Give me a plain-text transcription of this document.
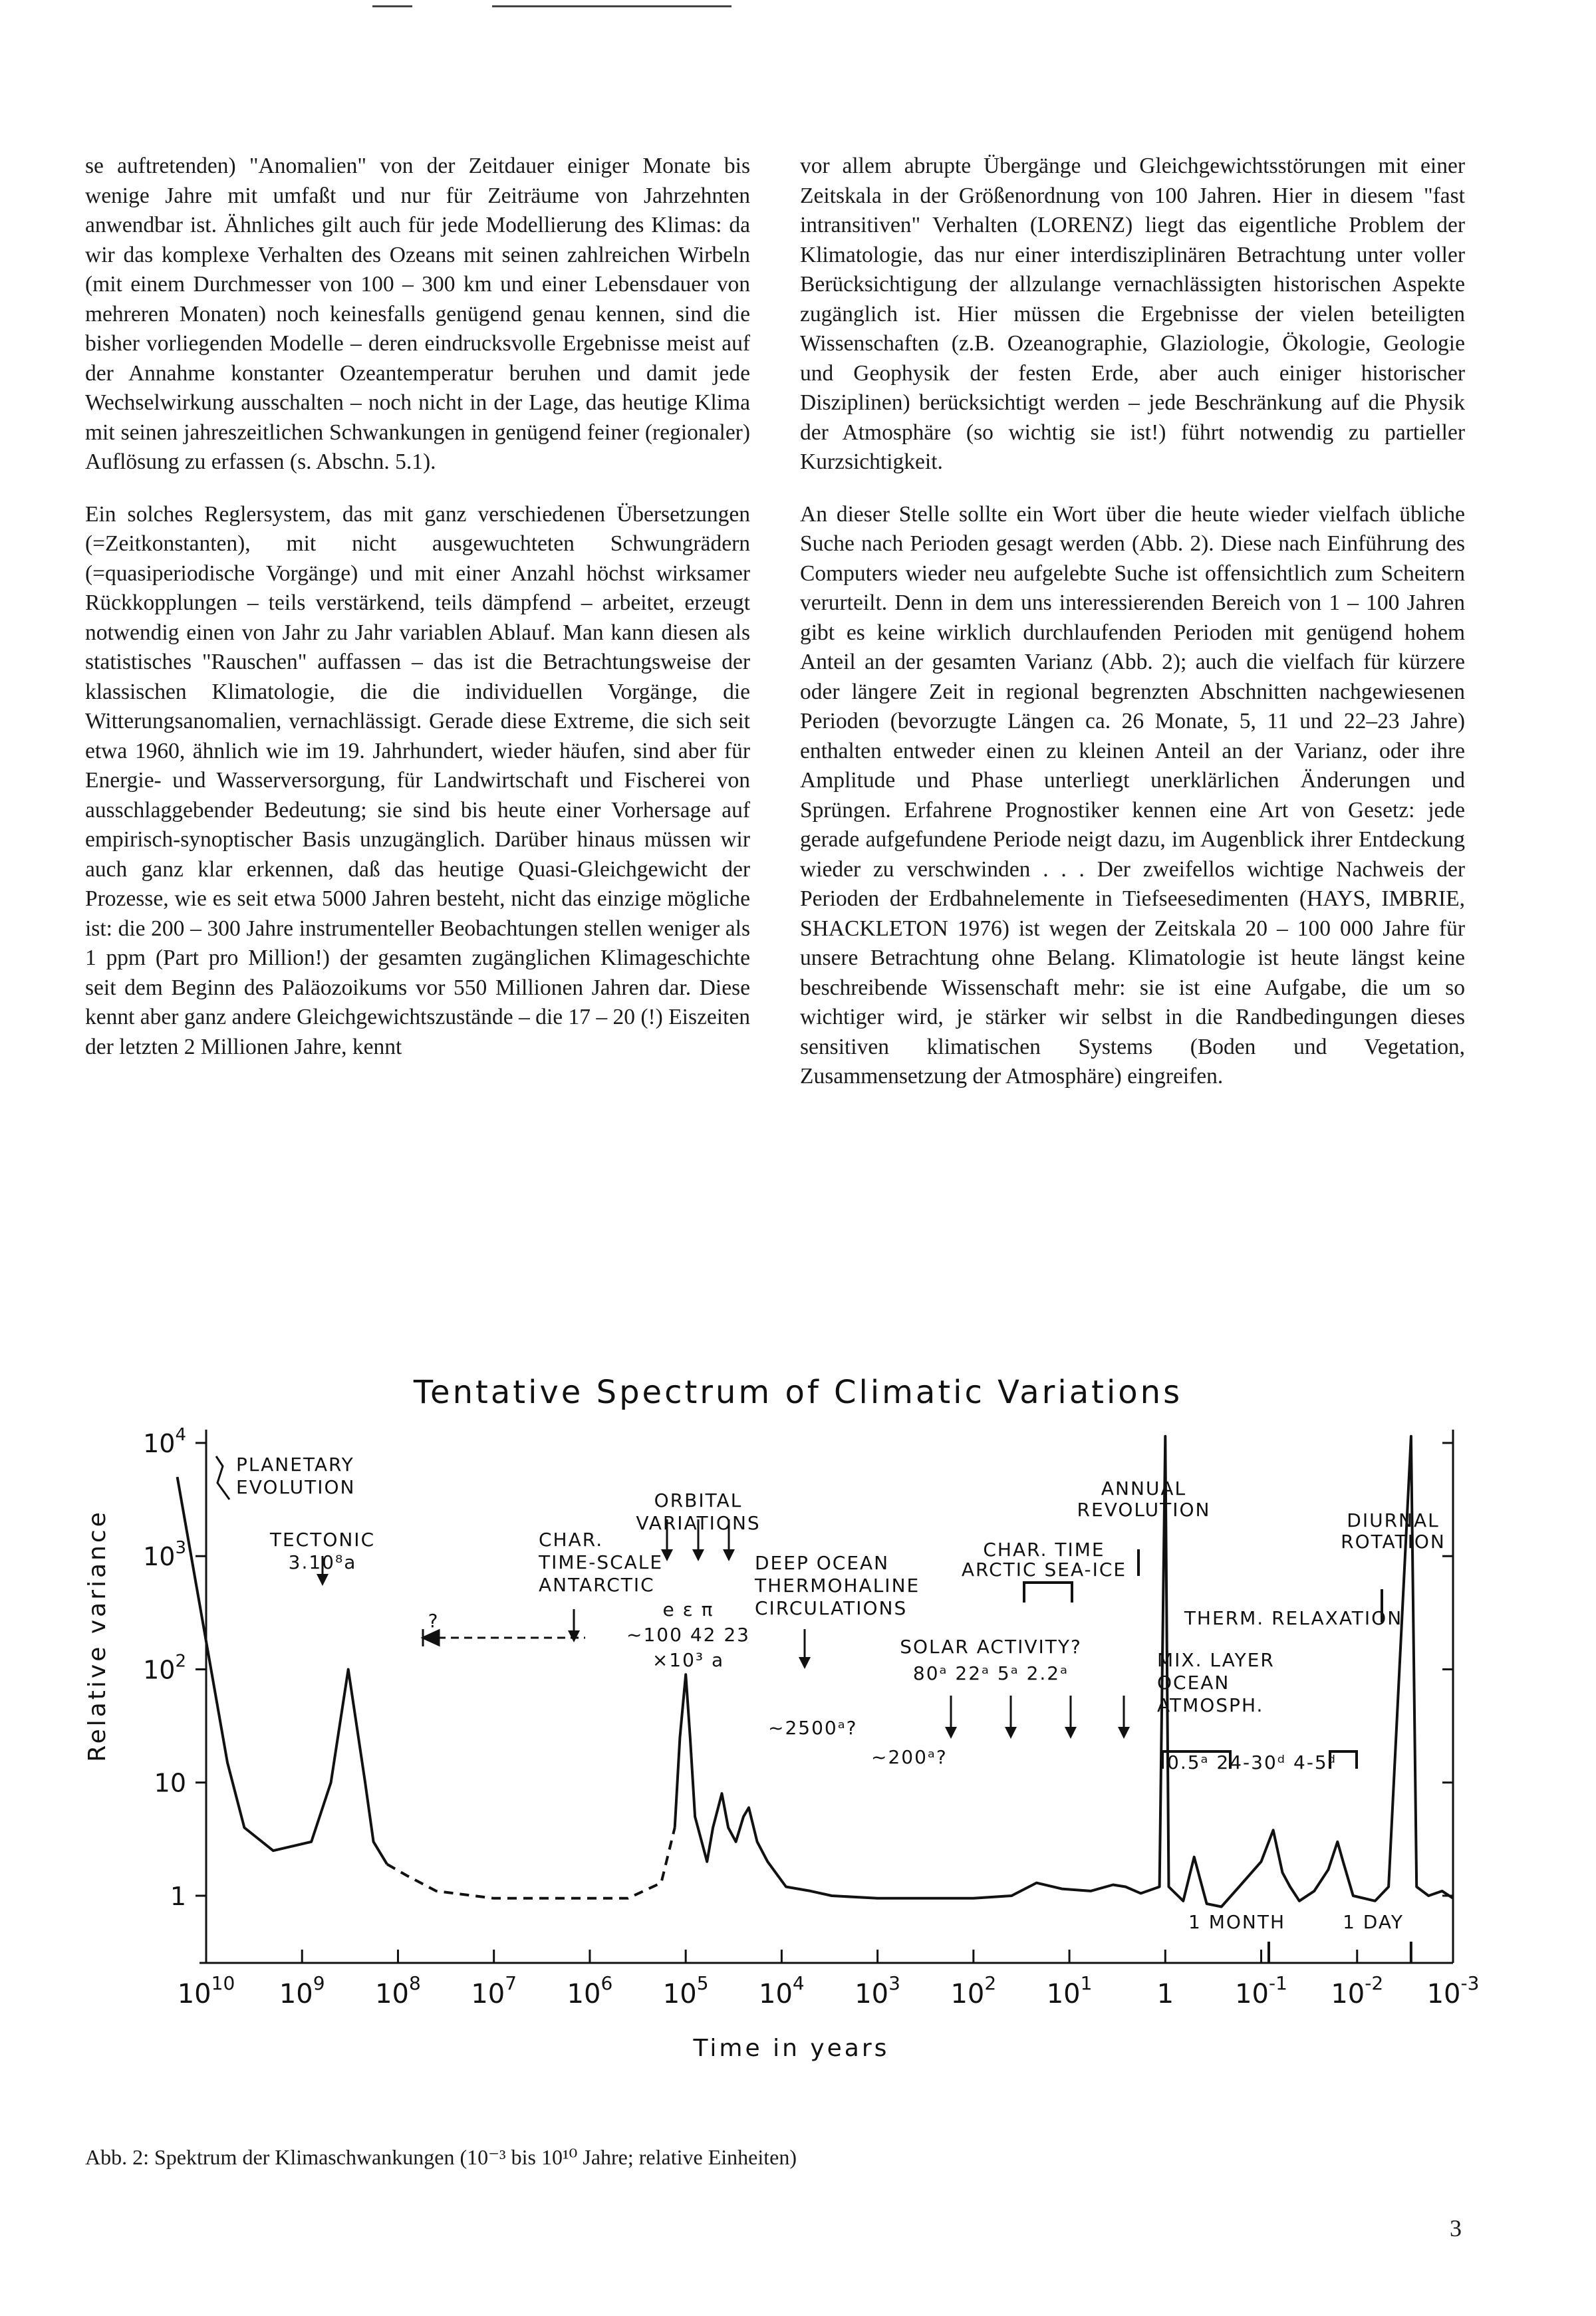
se auftretenden) "Anomalien" von der Zeitdauer einiger Monate bis wenige Jahre mit umfaßt und nur für Zeiträume von Jahrzehnten anwendbar ist. Ähnliches gilt auch für jede Modellierung des Klimas: da wir das komplexe Verhalten des Ozeans mit seinen zahlreichen Wirbeln (mit einem Durchmesser von 100 – 300 km und einer Lebensdauer von mehreren Monaten) noch keinesfalls genügend genau kennen, sind die bisher vorliegenden Modelle – deren eindrucksvolle Ergebnisse meist auf der Annahme konstanter Ozeantemperatur beruhen und damit jede Wechselwirkung ausschalten – noch nicht in der Lage, das heutige Klima mit seinen jahreszeitlichen Schwankungen in genügend feiner (regionaler) Auflösung zu erfassen (s. Abschn. 5.1).

Ein solches Reglersystem, das mit ganz verschiedenen Übersetzungen (=Zeitkonstanten), mit nicht ausgewuchteten Schwungrädern (=quasiperiodische Vorgänge) und mit einer Anzahl höchst wirksamer Rückkopplungen – teils verstärkend, teils dämpfend – arbeitet, erzeugt notwendig einen von Jahr zu Jahr variablen Ablauf. Man kann diesen als statistisches "Rauschen" auffassen – das ist die Betrachtungsweise der klassischen Klimatologie, die die individuellen Vorgänge, die Witterungsanomalien, vernachlässigt. Gerade diese Extreme, die sich seit etwa 1960, ähnlich wie im 19. Jahrhundert, wieder häufen, sind aber für Energie- und Wasserversorgung, für Landwirtschaft und Fischerei von ausschlaggebender Bedeutung; sie sind bis heute einer Vorhersage auf empirisch-synoptischer Basis unzugänglich. Darüber hinaus müssen wir auch ganz klar erkennen, daß das heutige Quasi-Gleichgewicht der Prozesse, wie es seit etwa 5000 Jahren besteht, nicht das einzige mögliche ist: die 200 – 300 Jahre instrumenteller Beobachtungen stellen weniger als 1 ppm (Part pro Million!) der gesamten zugänglichen Klimageschichte seit dem Beginn des Paläozoikums vor 550 Millionen Jahren dar. Diese kennt aber ganz andere Gleichgewichtszustände – die 17 – 20 (!) Eiszeiten der letzten 2 Millionen Jahre, kennt

vor allem abrupte Übergänge und Gleichgewichtsstörungen mit einer Zeitskala in der Größenordnung von 100 Jahren. Hier in diesem "fast intransitiven" Verhalten (LORENZ) liegt das eigentliche Problem der Klimatologie, das nur einer interdisziplinären Betrachtung unter voller Berücksichtigung der allzulange vernachlässigten historischen Aspekte zugänglich ist. Hier müssen die Ergebnisse der vielen beteiligten Wissenschaften (z.B. Ozeanographie, Glaziologie, Ökologie, Geologie und Geophysik der festen Erde, aber auch einiger historischer Disziplinen) berücksichtigt werden – jede Beschränkung auf die Physik der Atmosphäre (so wichtig sie ist!) führt notwendig zu partieller Kurzsichtigkeit.

An dieser Stelle sollte ein Wort über die heute wieder vielfach übliche Suche nach Perioden gesagt werden (Abb. 2). Diese nach Einführung des Computers wieder neu aufgelebte Suche ist offensichtlich zum Scheitern verurteilt. Denn in dem uns interessierenden Bereich von 1 – 100 Jahren gibt es keine wirklich durchlaufenden Perioden mit genügend hohem Anteil an der gesamten Varianz (Abb. 2); auch die vielfach für kürzere oder längere Zeit in regional begrenzten Abschnitten nachgewiesenen Perioden (bevorzugte Längen ca. 26 Monate, 5, 11 und 22–23 Jahre) enthalten entweder einen zu kleinen Anteil an der Varianz, oder ihre Amplitude und Phase unterliegt unerklärlichen Änderungen und Sprüngen. Erfahrene Prognostiker kennen eine Art von Gesetz: jede gerade aufgefundene Periode neigt dazu, im Augenblick ihrer Entdeckung wieder zu verschwinden . . . Der zweifellos wichtige Nachweis der Perioden der Erdbahnelemente in Tiefseesedimenten (HAYS, IMBRIE, SHACKLETON 1976) ist wegen der Zeitskala 20 – 100 000 Jahre für unsere Betrachtung ohne Belang. Klimatologie ist heute längst keine beschreibende Wissenschaft mehr: sie ist eine Aufgabe, die um so wichtiger wird, je stärker wir selbst in die Randbedingungen dieses sensitiven klimatischen Systems (Boden und Vegetation, Zusammensetzung der Atmosphäre) eingreifen.

Tentative Spectrum of Climatic Variations
Relative variance
Time in years
$10^4$
$10^3$
$10^2$
10
1
$10^{10}$ $10^9$ $10^8$ $10^7$ $10^6$ $10^5$ $10^4$ $10^3$ $10^2$ $10^1$ 1 $10^{-1}$ $10^{-2}$ $10^{-3}$
PLANETARY EVOLUTION
TECTONIC 3.10⁸a
CHAR. TIME-SCALE ANTARCTIC
ORBITAL VARIATIONS
e ε π ~100 42 23 ×10³ a
DEEP OCEAN THERMOHALINE CIRCULATIONS
~2500ᵃ?
~200ᵃ?
CHAR. TIME ARCTIC SEA-ICE
SOLAR ACTIVITY? 80ᵃ 22ᵃ 5ᵃ 2.2ᵃ
ANNUAL REVOLUTION	DIURNAL ROTATION
THERM. RELAXATION
MIX. LAYER OCEAN ATMOSPH.
0.5ᵃ 24-30ᵈ 4-5ᵈ
1 MONTH	1 DAY
?
Abb. 2: Spektrum der Klimaschwankungen (10⁻³ bis 10¹⁰ Jahre; relative Einheiten)
3
